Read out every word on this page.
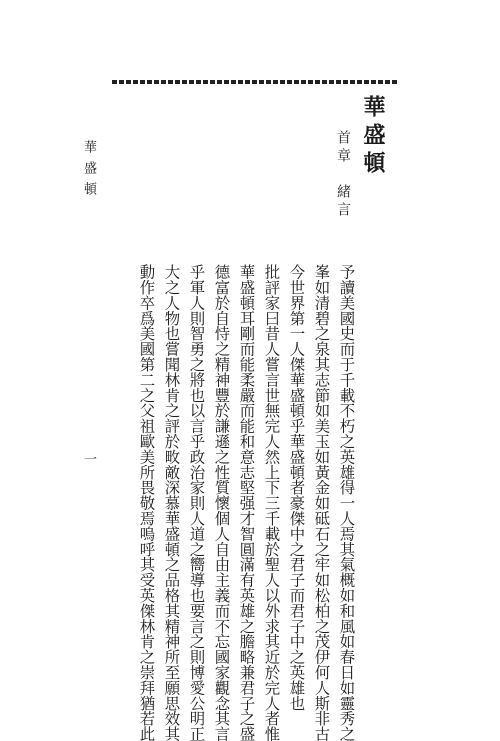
華盛頓
首章　緒言
予讀美國史而于千載不朽之英雄得一人焉其氣概如和風如春日如靈秀之
峯如清碧之泉其志節如美玉如黃金如砥石之牢如松柏之茂伊何人斯非古
今世界第一人傑華盛頓乎華盛頓者豪傑中之君子而君子中之英雄也
批評家曰昔人嘗言世無完人然上下三千載於聖人以外求其近於完人者惟
華盛頓耳剛而能柔嚴而能和意志堅强才智圓滿有英雄之膽略兼君子之盛
德富於自恃之精神豐於謙遜之性質懷個人自由主義而不忘國家觀念其言
乎軍人則智勇之將也以言乎政治家則人道之嚮導也要言之則博愛公明正
大之人物也嘗聞林肯之評於畋敵深慕華盛頓之品格其精神所至願思效其
動作卒爲美國第二之父祖歐美所畏敬焉嗚呼其受英傑林肯之崇拜猶若此
華盛頓
一
